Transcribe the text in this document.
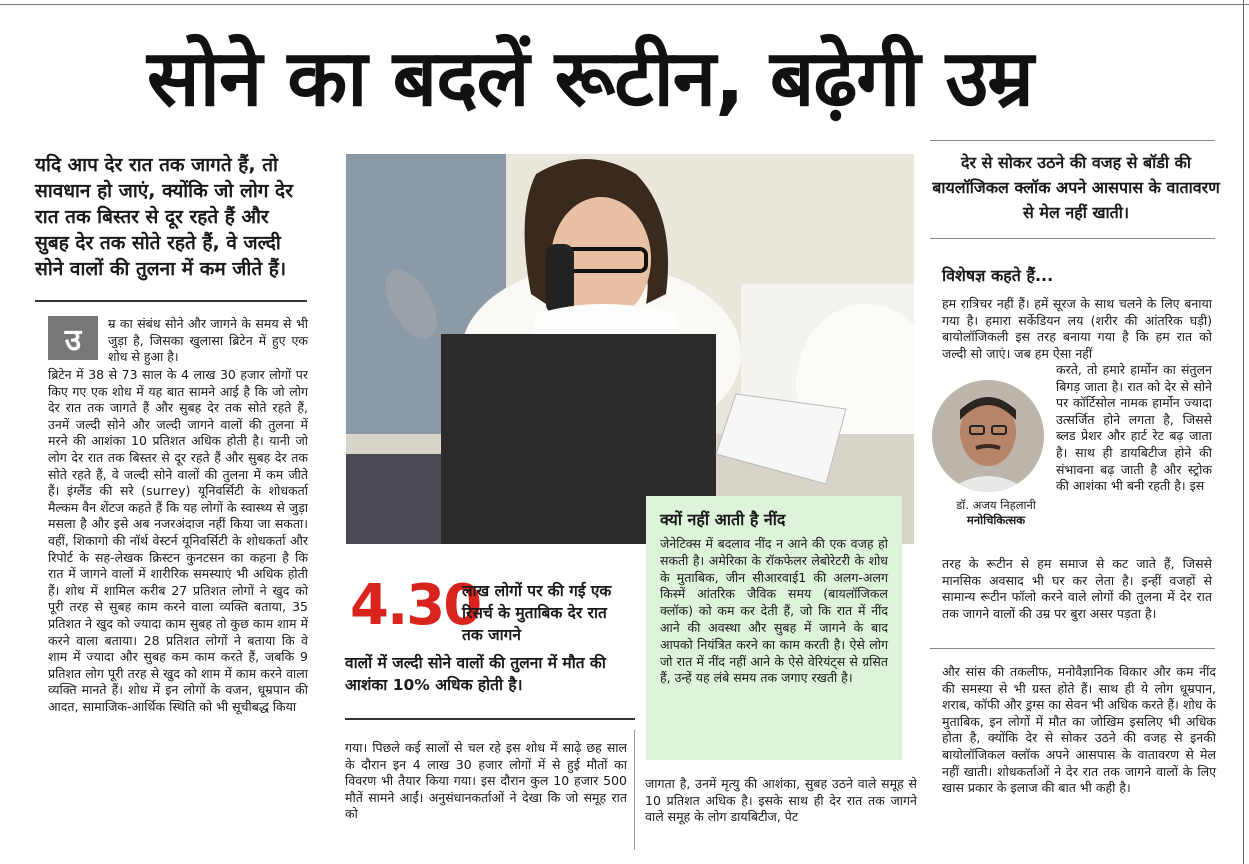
सोने का बदलें रूटीन, बढ़ेगी उम्र
यदि आप देर रात तक जागते हैं, तो सावधान हो जाएं, क्योंकि जो लोग देर रात तक बिस्तर से दूर रहते हैं और सुबह देर तक सोते रहते हैं, वे जल्दी सोने वालों की तुलना में कम जीते हैं।
उ	म्र का संबंध सोने और जागने के समय से भी जुड़ा है, जिसका खुलासा ब्रिटेन में हुए एक शोध से हुआ है।
ब्रिटेन में 38 से 73 साल के 4 लाख 30 हजार लोगों पर किए गए एक शोध में यह बात सामने आई है कि जो लोग देर रात तक जागते हैं और सुबह देर तक सोते रहते हैं, उनमें जल्दी सोने और जल्दी जागने वालों की तुलना में मरने की आशंका 10 प्रतिशत अधिक होती है। यानी जो लोग देर रात तक बिस्तर से दूर रहते हैं और सुबह देर तक सोते रहते हैं, वे जल्दी सोने वालों की तुलना में कम जीते हैं। इंग्लैंड की सरे (surrey) यूनिवर्सिटी के शोधकर्ता मैल्कम वैन शेंटज कहते हैं कि यह लोगों के स्वास्थ्य से जुड़ा मसला है और इसे अब नजरअंदाज नहीं किया जा सकता। वहीं, शिकागो की नॉर्थ वेस्टर्न यूनिवर्सिटी के शोधकर्ता और रिपोर्ट के सह-लेखक क्रिस्टन कुनटसन का कहना है कि रात में जागने वालों में शारीरिक समस्याएं भी अधिक होती हैं। शोध में शामिल करीब 27 प्रतिशत लोगों ने खुद को पूरी तरह से सुबह काम करने वाला व्यक्ति बताया, 35 प्रतिशत ने खुद को ज्यादा काम सुबह तो कुछ काम शाम में करने वाला बताया। 28 प्रतिशत लोगों ने बताया कि वे शाम में ज्यादा और सुबह कम काम करते हैं, जबकि 9 प्रतिशत लोग पूरी तरह से खुद को शाम में काम करने वाला व्यक्ति मानते हैं। शोध में इन लोगों के वजन, धूम्रपान की आदत, सामाजिक-आर्थिक स्थिति को भी सूचीबद्ध किया
4.30
लाख लोगों पर की गई एक रिसर्च के मुताबिक देर रात तक जागने
वालों में जल्दी सोने वालों की तुलना में मौत की आशंका 10% अधिक होती है।
गया। पिछले कई सालों से चल रहे इस शोध में साढ़े छह साल के दौरान इन 4 लाख 30 हजार लोगों में से हुई मौतों का विवरण भी तैयार किया गया। इस दौरान कुल 10 हजार 500 मौतें सामने आईं। अनुसंधानकर्ताओं ने देखा कि जो समूह रात को
जागता है, उनमें मृत्यु की आशंका, सुबह उठने वाले समूह से 10 प्रतिशत अधिक है। इसके साथ ही देर रात तक जागने वाले समूह के लोग डायबिटीज, पेट
क्यों नहीं आती है नींद
जेनेटिक्स में बदलाव नींद न आने की एक वजह हो सकती है। अमेरिका के रॉकफेलर लेबोरेटरी के शोध के मुताबिक, जीन सीआरवाई1 की अलग-अलग किस्में आंतरिक जैविक समय (बायलॉजिकल क्लॉक) को कम कर देती हैं, जो कि रात में नींद आने की अवस्था और सुबह में जागने के बाद आपको नियंत्रित करने का काम करती है। ऐसे लोग जो रात में नींद नहीं आने के ऐसे वेरियंट्स से ग्रसित हैं, उन्हें यह लंबे समय तक जगाए रखती है।
देर से सोकर उठने की वजह से बॉडी की बायलॉजिकल क्लॉक अपने आसपास के वातावरण से मेल नहीं खाती।
विशेषज्ञ कहते हैं...
हम रात्रिचर नहीं हैं। हमें सूरज के साथ चलने के लिए बनाया गया है। हमारा सर्केडियन लय (शरीर की आंतरिक घड़ी) बायोलॉजिकली इस तरह बनाया गया है कि हम रात को जल्दी सो जाएं। जब हम ऐसा नहीं
करते, तो हमारे हार्मोन का संतुलन बिगड़ जाता है। रात को देर से सोने पर कॉर्टिसोल नामक हार्मोन ज्यादा उत्सर्जित होने लगता है, जिससे ब्लड प्रेशर और हार्ट रेट बढ़ जाता है। साथ ही डायबिटीज होने की संभावना बढ़ जाती है और स्ट्रोक की आशंका भी बनी रहती है। इस
तरह के रूटीन से हम समाज से कट जाते हैं, जिससे मानसिक अवसाद भी घर कर लेता है। इन्हीं वजहों से सामान्य रूटीन फॉलो करने वाले लोगों की तुलना में देर रात तक जागने वालों की उम्र पर बुरा असर पड़ता है।
डॉ. अजय निहलानी
मनोचिकित्सक
और सांस की तकलीफ, मनोवैज्ञानिक विकार और कम नींद की समस्या से भी ग्रस्त होते हैं। साथ ही ये लोग धूम्रपान, शराब, कॉफी और ड्रग्स का सेवन भी अधिक करते हैं। शोध के मुताबिक, इन लोगों में मौत का जोखिम इसलिए भी अधिक होता है, क्योंकि देर से सोकर उठने की वजह से इनकी बायोलॉजिकल क्लॉक अपने आसपास के वातावरण से मेल नहीं खाती। शोधकर्ताओं ने देर रात तक जागने वालों के लिए खास प्रकार के इलाज की बात भी कही है।
